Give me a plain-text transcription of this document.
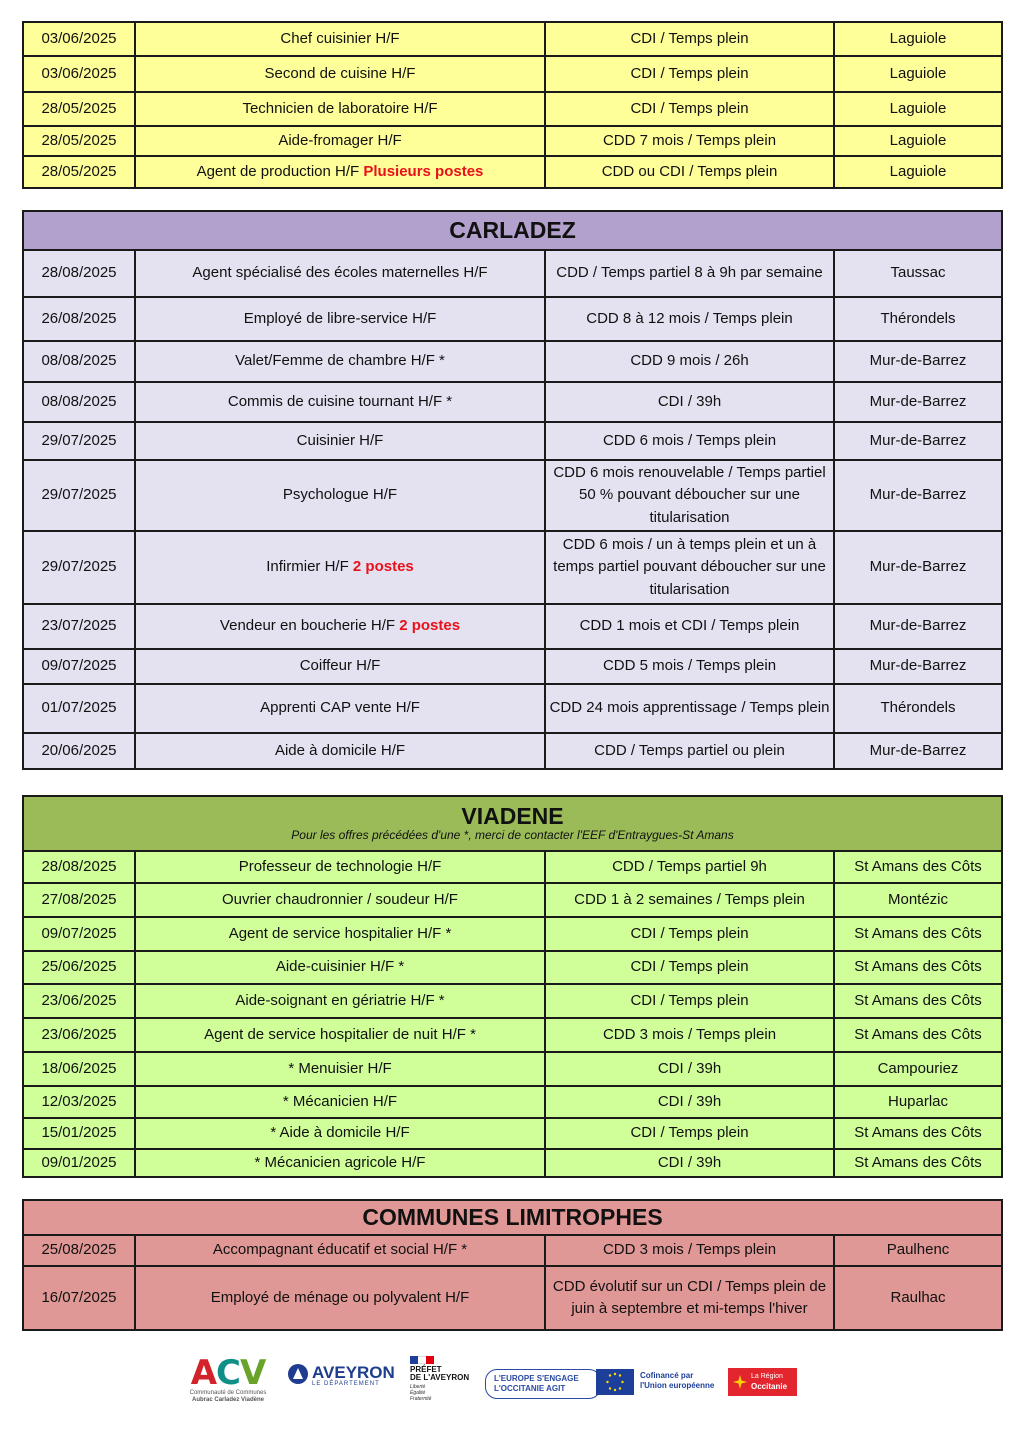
03/06/2025	Chef cuisinier H/F	CDI / Temps plein	Laguiole
03/06/2025	Second de cuisine H/F	CDI / Temps plein	Laguiole
28/05/2025	Technicien de laboratoire H/F	CDI / Temps plein	Laguiole
28/05/2025	Aide-fromager H/F	CDD 7 mois / Temps plein	Laguiole
28/05/2025	Agent de production H/F Plusieurs postes	CDD ou CDI / Temps plein	Laguiole
CARLADEZ			
28/08/2025	Agent spécialisé des écoles maternelles H/F	CDD / Temps partiel 8 à 9h par semaine	Taussac
26/08/2025	Employé de libre-service H/F	CDD 8 à 12 mois / Temps plein	Thérondels
08/08/2025	Valet/Femme de chambre H/F *	CDD 9 mois / 26h	Mur-de-Barrez
08/08/2025	Commis de cuisine tournant H/F *	CDI / 39h	Mur-de-Barrez
29/07/2025	Cuisinier H/F	CDD 6 mois / Temps plein	Mur-de-Barrez
29/07/2025	Psychologue H/F	CDD 6 mois renouvelable / Temps partiel 50 % pouvant déboucher sur une titularisation	Mur-de-Barrez
29/07/2025	Infirmier H/F 2 postes	CDD 6 mois / un à temps plein et un à temps partiel pouvant déboucher sur une titularisation	Mur-de-Barrez
23/07/2025	Vendeur en boucherie H/F 2 postes	CDD 1 mois et CDI / Temps plein	Mur-de-Barrez
09/07/2025	Coiffeur H/F	CDD 5 mois / Temps plein	Mur-de-Barrez
01/07/2025	Apprenti CAP vente H/F	CDD 24 mois apprentissage / Temps plein	Thérondels
20/06/2025	Aide à domicile H/F	CDD / Temps partiel ou plein	Mur-de-Barrez
VIADENE
Pour les offres précédées d'une *, merci de contacter l'EEF d'Entraygues-St Amans			

28/08/2025	Professeur de technologie H/F	CDD / Temps partiel 9h	St Amans des Côts
27/08/2025	Ouvrier chaudronnier / soudeur H/F	CDD 1 à 2 semaines / Temps plein	Montézic
09/07/2025	Agent de service hospitalier H/F *	CDI / Temps plein	St Amans des Côts
25/06/2025	Aide-cuisinier H/F *	CDI / Temps plein	St Amans des Côts
23/06/2025	Aide-soignant en gériatrie H/F *	CDI / Temps plein	St Amans des Côts
23/06/2025	Agent de service hospitalier de nuit H/F *	CDD 3 mois / Temps plein	St Amans des Côts
18/06/2025	* Menuisier H/F	CDI / 39h	Campouriez
12/03/2025	* Mécanicien H/F	CDI / 39h	Huparlac
15/01/2025	* Aide à domicile H/F	CDI / Temps plein	St Amans des Côts
09/01/2025	* Mécanicien agricole H/F	CDI / 39h	St Amans des Côts
COMMUNES LIMITROPHES			
25/08/2025	Accompagnant éducatif et social H/F *	CDD 3 mois / Temps plein	Paulhenc
16/07/2025	Employé de ménage ou polyvalent H/F	CDD évolutif sur un CDI / Temps plein de juin à septembre et mi-temps l'hiver	Raulhac
ACV
Communauté de Communes
Aubrac Carladez Viadène
AVEYRON
LE DÉPARTEMENT
PRÉFET
DE L'AVEYRON
Liberté Égalité Fraternité
L'EUROPE S'ENGAGE
L'OCCITANIE AGIT
Cofinancé par
l'Union européenne
La Région
Occitanie
